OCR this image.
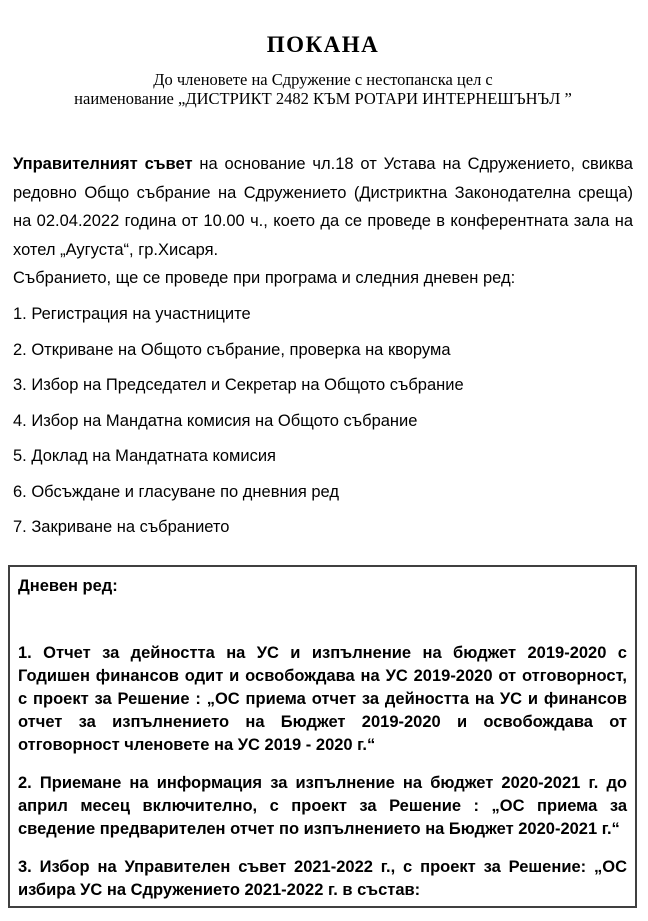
ПОКАНА
До членовете на Сдружение с нестопанска цел с
наименование „ДИСТРИКТ 2482 КЪМ РОТАРИ ИНТЕРНЕШЪНЪЛ ”

Управителният съвет на основание чл.18 от Устава на Сдружението, свиква редовно Общо събрание на Сдружението (Дистриктна Законодателна среща) на 02.04.2022 година от 10.00 ч., което да се проведе в конферентната зала на хотел „Аугуста“, гр.Хисаря.

Събранието, ще се проведе при програма и следния дневен ред:

1. Регистрация на участниците

2. Откриване на Общото събрание, проверка на кворума

3. Избор на Председател и Секретар на Общото събрание

4. Избор на Мандатна комисия на Общото събрание

5. Доклад на Мандатната комисия

6. Обсъждане и гласуване по дневния ред

7. Закриване на събранието

Дневен ред:

1. Отчет за дейността на УС и изпълнение на бюджет 2019-2020 с Годишен финансов одит и освобождава на УС 2019-2020 от отговорност, с проект за Решение : „ОС приема отчет за дейността на УС и финансов отчет за изпълнението на Бюджет 2019-2020 и освобождава от отговорност членовете на УС 2019 - 2020 г.“

2. Приемане на информация за изпълнение на бюджет 2020-2021 г. до април месец включително, с проект за Решение : „ОС приема за сведение предварителен отчет по изпълнението на Бюджет 2020-2021 г.“

3. Избор на Управителен съвет 2021-2022 г., с проект за Решение: „ОС избира УС на Сдружението 2021-2022 г. в състав:
